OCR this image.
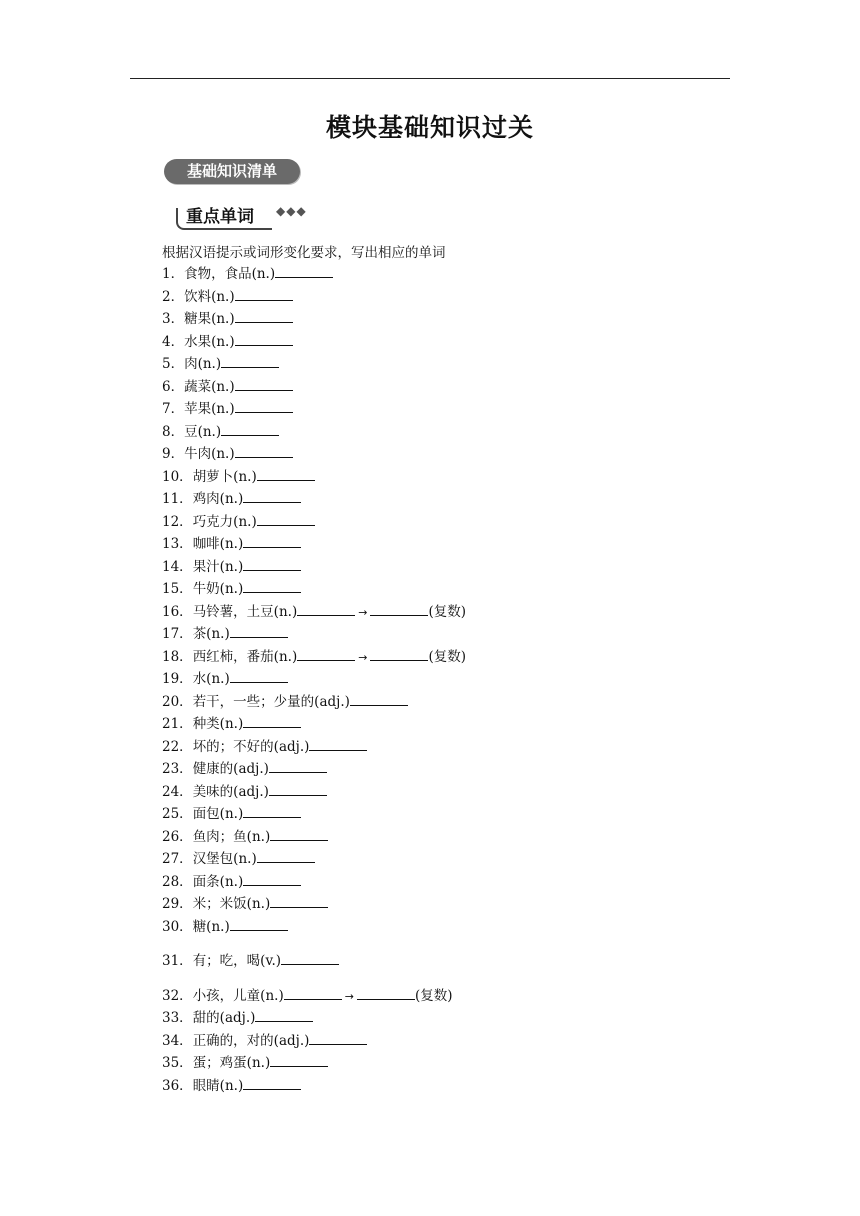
模块基础知识过关
基础知识清单
重点单词 ◆◆◆
根据汉语提示或词形变化要求，写出相应的单词
1．食物，食品(n.)
2．饮料(n.)
3．糖果(n.)
4．水果(n.)
5．肉(n.)
6．蔬菜(n.)
7．苹果(n.)
8．豆(n.)
9．牛肉(n.)
10．胡萝卜(n.)
11．鸡肉(n.)
12．巧克力(n.)
13．咖啡(n.)
14．果汁(n.)
15．牛奶(n.)
16．马铃薯，土豆(n.)	→	(复数)
17．茶(n.)
18．西红柿，番茄(n.)	→	(复数)
19．水(n.)
20．若干，一些；少量的(adj.)
21．种类(n.)
22．坏的；不好的(adj.)
23．健康的(adj.)
24．美味的(adj.)
25．面包(n.)
26．鱼肉；鱼(n.)
27．汉堡包(n.)
28．面条(n.)
29．米；米饭(n.)
30．糖(n.)
31．有；吃，喝(v.)
32．小孩，儿童(n.)	→	(复数)
33．甜的(adj.)
34．正确的，对的(adj.)
35．蛋；鸡蛋(n.)
36．眼睛(n.)
